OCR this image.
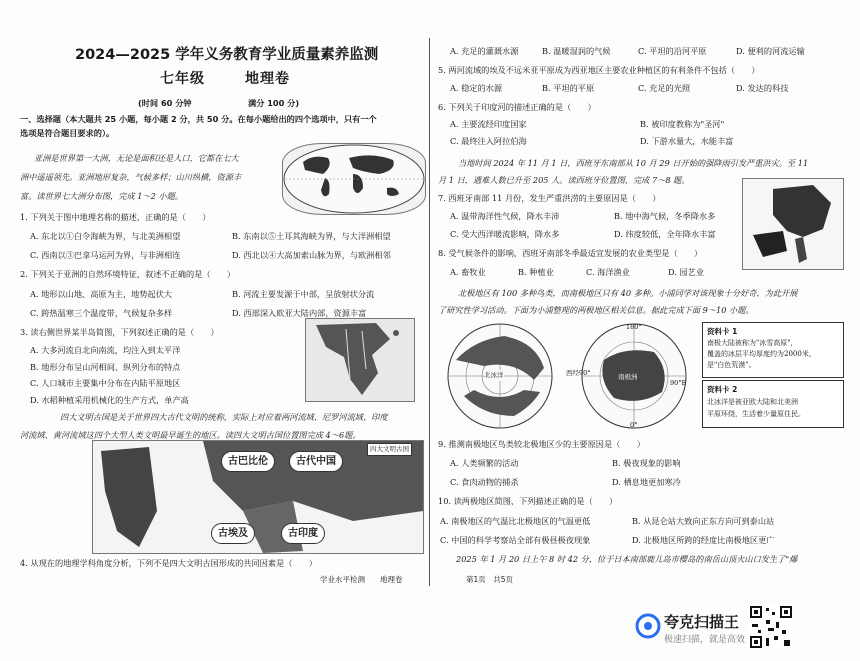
2024—2025 学年义务教育学业质量素养监测
七年级	地理卷
(时间 60 分钟	满分 100 分)
一、选择题（本大题共 25 小题，每小题 2 分，共 50 分。在每小题给出的四个选项中，只有一个
选项是符合题目要求的）。
亚洲是世界第一大洲，无论是面积还是人口，它都在七大
洲中遥遥领先。亚洲地形复杂，气候多样；山川纵横，资源丰
富。读世界七大洲分布图，完成 1～2 小题。
1. 下列关于图中地理名称的描述，正确的是（　　）
A. 东北以①白令海峡为界，与北美洲相望	B. 东南以⑤土耳其海峡为界，与大洋洲相望
C. 西南以③巴拿马运河为界，与非洲相连	D. 西北以④大高加索山脉为界，与欧洲相邻
2. 下列关于亚洲的自然环境特征，叙述不正确的是（　　）
A. 地形以山地、高原为主，地势起伏大	B. 河流主要发源于中部，呈放射状分流
C. 跨热温寒三个温度带，气候复杂多样	D. 西部深入欧亚大陆内部，资源丰富
3. 读右侧世界某半岛简图，下列叙述正确的是（　　）
A. 大多河流自北向南流，均注入到太平洋
B. 地形分布呈山河相间、纵列分布的特点
C. 人口城市主要集中分布在内陆平原地区
D. 水稻种植采用机械化的生产方式，单产高
四大文明古国是关于世界四大古代文明的统称，实际上对应着两河流域、尼罗河流域、印度
河流域、黄河流域这四个大型人类文明最早诞生的地区。读四大文明古国位置图完成 4～6题。
古巴比伦	古代中国
古埃及	古印度
四大文明古国
4. 从现在的地理学科角度分析，下列不是四大文明古国形成的共同因素是（　　）
学业水平检测　　地理卷
A. 充足的灌溉水源	B. 温暖湿润的气候	C. 平坦的沿河平原	D. 便利的河流运输
5. 两河流域的埃及不远米亚平原成为西亚地区主要农业种植区的有利条件不包括（　　）
A. 稳定的水源	B. 平坦的平原	C. 充足的光照	D. 发达的科技
6. 下列关于印度河的描述正确的是（　　）
A. 主要流经印度国家	B. 被印度教称为"圣河"
C. 最终注入阿拉伯海	D. 下游水量大，水能丰富
当地时间 2024 年 11 月 1 日，西班牙东南部从 10 月 29 日开始的强降雨引发严重洪灾。至 11
月 1 日，遇难人数已升至 205 人。读西班牙位置图，完成 7～8 题。
7. 西班牙南部 11 月份，发生严重洪涝的主要原因是（　　）
A. 温带海洋性气候，降水丰沛	B. 地中海气候，冬季降水多
C. 受大西洋暖流影响，降水多	D. 纬度较低，全年降水丰富
8. 受气候条件的影响，西班牙南部冬季最适宜发展的农业类型是（　　）
A. 畜牧业	B. 种植业	C. 海洋渔业	D. 园艺业
北极地区有 100 多种鸟类，而南极地区只有 40 多种。小浦同学对该现象十分好奇，为此开展
了研究性学习活动。下面为小浦整理的两极地区相关信息。据此完成下面 9～10 小题。
北冰洋	南极洲
180°
90°E
西经90°
0°
资料卡 1
南极大陆被称为"冰雪高原"，
覆盖的冰层平均厚度约为2000米，
是"白色荒漠"。
资料卡 2
北冰洋是被亚欧大陆和北美洲
平原环绕，生活着少量原住民。
9. 推测南极地区鸟类较北极地区少的主要原因是（　　）
A. 人类频繁的活动	B. 极夜现象的影响
C. 食肉动物的捕杀	D. 栖息地更加寒冷
10. 读两极地区简图，下列描述正确的是（　　）
A. 南极地区的气温比北极地区的气温更低	B. 从昆仑站大致向正东方向可到泰山站
C. 中国的科学考察站全部有极昼极夜现象	D. 北极地区所跨的经度比南极地区更广
2025 年 1 月 20 日上午 8 时 42 分，位于日本南部鹿儿岛市樱岛的南岳山顶火山口发生了"爆
第1页　共5页
夸克扫描王
极速扫描，就是高效
